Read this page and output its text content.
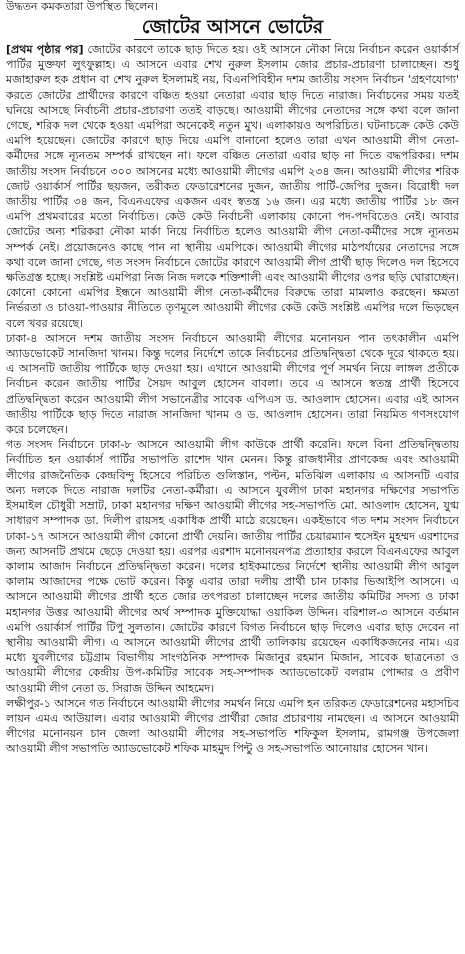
উদ্ধতন কমকতারা উপস্থিত ছিলেন।

জোটের আসনে ভোটের

[প্রথম পৃষ্ঠার পর] জোটের কারণে তাকে ছাড় দিতে হয়। ওই আসনে নৌকা নিয়ে নির্বাচন করেন ওয়ার্কার্স পার্টির মুক্তফা লুৎফুল্লাহ। এ আসনে এবার শেখ নুরুল ইসলাম জোর প্রচার-প্রচারণা চালাচ্ছেন। শুধু মজাহারুল হক প্রধান বা শেখ নুরুল ইসলামই নয়, বিএনপিবিহীন দশম জাতীয় সংসদ নির্বাচন 'গ্রহণযোগ্য' করতে জোটের প্রার্থীদের কারণে বঞ্চিত হওয়া নেতারা এবার ছাড় দিতে নারাজ। নির্বাচনের সময় যতই ঘনিয়ে আসছে নির্বাচনী প্রচার-প্রচারণা ততই বাড়ছে। আওয়ামী লীগের নেতাদের সঙ্গে কথা বলে জানা গেছে, শরিক দল থেকে হওয়া এমপিরা অনেকেই নতুন মুখ। এলাকায়ও অপরিচিত। ঘটনাচক্রে কেউ কেউ এমপি হয়েছেন। জোটের কারণে ছাড় দিয়ে এমপি বানানো হলেও তারা এখন আওয়ামী লীগ নেতা-কর্মীদের সঙ্গে ন্যূনতম সম্পর্ক রাখছেন না। ফলে বঞ্চিত নেতারা এবার ছাড় না দিতে বদ্ধপরিকর। দশম জাতীয় সংসদ নির্বাচনে ৩০০ আসনের মধ্যে আওয়ামী লীগের এমপি ২৩৪ জন। আওয়ামী লীগের শরিক জোট ওয়ার্কার্স পার্টির ছয়জন, তরীকত ফেডারেশনের দুজন, জাতীয় পার্টি-জেপির দুজন। বিরোধী দল জাতীয় পার্টির ৩৪ জন, বিএনএফের একজন এবং স্বতন্ত্র ১৬ জন। এর মধ্যে জাতীয় পার্টির ১৮ জন এমপি প্রথমবারের মতো নির্বাচিত। কেউ কেউ নির্বাচনী এলাকায় কোনো পদ-পদবিতেও নেই। আবার জোটের অন্য শরিকরা নৌকা মার্কা নিয়ে নির্বাচিত হলেও আওয়ামী লীগ নেতা-কর্মীদের সঙ্গে ন্যূনতম সম্পর্ক নেই। প্রয়োজনেও কাছে পান না স্থানীয় এমপিকে। আওয়ামী লীগের মাঠপর্যায়ের নেতাদের সঙ্গে কথা বলে জানা গেছে, গত সংসদ নির্বাচনে জোটের কারণে আওয়ামী লীগ প্রার্থী ছাড় দিলেও দল হিসেবে ক্ষতিগ্রস্ত হচ্ছে। সংশ্লিষ্ট এমপিরা নিজ নিজ দলকে শক্তিশালী এবং আওয়ামী লীগের ওপর ছড়ি ঘোরাচ্ছেন। কোনো কোনো এমপির ইন্ধনে আওয়ামী লীগ নেতা-কর্মীদের বিরুদ্ধে তারা মামলাও করছেন। ক্ষমতা নির্ভরতা ও চাওয়া-পাওয়ার নীতিতে তৃণমূলে আওয়ামী লীগের কেউ কেউ সংশ্লিষ্ট এমপির দলে ভিড়ছেন বলে খবর রয়েছে।

ঢাকা-৪ আসনে দশম জাতীয় সংসদ নির্বাচনে আওয়ামী লীগের মনোনয়ন পান তৎকালীন এমপি অ্যাডভোকেট সানজিদা খানম। কিন্তু দলের নির্দেশে তাকে নির্বাচনের প্রতিদ্বন্দ্বিতা থেকে দূরে থাকতে হয়। এ আসনটি জাতীয় পার্টিকে ছাড় দেওয়া হয়। এখানে আওয়ামী লীগের পূর্ণ সমর্থন নিয়ে লাঙ্গল প্রতীকে নির্বাচন করেন জাতীয় পার্টির সৈয়দ আবুল হোসেন বাবলা। তবে এ আসনে স্বতন্ত্র প্রার্থী হিসেবে প্রতিদ্বন্দ্বিতা করেন আওয়ামী লীগ সভানেত্রীর সাবেক এপিএস ড. আওলাদ হোসেন। এবার এই আসন জাতীয় পার্টিকে ছাড় দিতে নারাজ সানজিদা খানম ও ড. আওলাদ হোসেন। তারা নিয়মিত গণসংযোগ করে চলেছেন।

গত সংসদ নির্বাচনে ঢাকা-৮ আসনে আওয়ামী লীগ কাউকে প্রার্থী করেনি। ফলে বিনা প্রতিদ্বন্দ্বিতায় নির্বাচিত হন ওয়ার্কার্স পার্টির সভাপতি রাশেদ খান মেনন। কিন্তু রাজধানীর প্রাণকেন্দ্র এবং আওয়ামী লীগের রাজনৈতিক কেন্দ্রবিন্দু হিসেবে পরিচিত গুলিস্তান, পল্টন, মতিঝিল এলাকায় এ আসনটি এবার অন্য দলকে দিতে নারাজ দলটির নেতা-কর্মীরা। এ আসনে যুবলীগ ঢাকা মহানগর দক্ষিণের সভাপতি ইসমাইল চৌধুরী সম্রাট, ঢাকা মহানগর দক্ষিণ আওয়ামী লীগের সহ-সভাপতি মো. আওলাদ হোসেন, যুগ্ম সাধারণ সম্পাদক ডা. দিলীপ রায়সহ একাধিক প্রার্থী মাঠে রয়েছেন। একইভাবে গত দশম সংসদ নির্বাচনে ঢাকা-১৭ আসনে আওয়ামী লীগ কোনো প্রার্থী দেয়নি। জাতীয় পার্টির চেয়ারম্যান হুসেইন মুহম্মদ এরশাদের জন্য আসনটি প্রথমে ছেড়ে দেওয়া হয়। এরপর এরশাদ মনোনয়নপত্র প্রত্যাহার করলে বিএনএফের আবুল কালাম আজাদ নির্বাচনে প্রতিদ্বন্দ্বিতা করেন। দলের হাইকমান্ডের নির্দেশে স্থানীয় আওয়ামী লীগ আবুল কালাম আজাদের পক্ষে ভোট করেন। কিন্তু এবার তারা দলীয় প্রার্থী চান ঢাকার ভিআইপি আসনে। এ আসনে আওয়ামী লীগের প্রার্থী হতে জোর তৎপরতা চালাচ্ছেন দলের জাতীয় কমিটির সদস্য ও ঢাকা মহানগর উত্তর আওয়ামী লীগের অর্থ সম্পাদক মুক্তিযোদ্ধা ওয়াকিল উদ্দিন। বরিশাল-৩ আসনে বর্তমান এমপি ওয়ার্কার্স পার্টির টিপু সুলতান। জোটের কারণে বিগত নির্বাচনে ছাড় দিলেও এবার ছাড় দেবেন না স্থানীয় আওয়ামী লীগ। এ আসনে আওয়ামী লীগের প্রার্থী তালিকায় রয়েছেন একাধিকজনের নাম। এর মধ্যে যুবলীগের চট্টগ্রাম বিভাগীয় সাংগঠনিক সম্পাদক মিজানুর রহমান মিজান, সাবেক ছাত্রনেতা ও আওয়ামী লীগের কেন্দ্রীয় উপ-কমিটির সাবেক সহ-সম্পাদক অ্যাডভোকেট বলরাম পোদ্দার ও প্রবীণ আওয়ামী লীগ নেতা ড. সিরাজ উদ্দিন আহমেদ।

লক্ষীপুর-১ আসনে গত নির্বাচনে আওয়ামী লীগের সমর্থন নিয়ে এমপি হন তরিকত ফেডারেশনের মহাসচিব লায়ন এমএ আউয়াল। এবার আওয়ামী লীগের প্রার্থীরা জোর প্রচারণায় নামছেন। এ আসনে আওয়ামী লীগের মনোনয়ন চান জেলা আওয়ামী লীগের সহ-সভাপতি শফিকুল ইসলাম, রামগঞ্জ উপজেলা আওয়ামী লীগ সভাপতি অ্যাডভোকেট শফিক মাহমুদ পিন্টু ও সহ-সভাপতি আনোয়ার হোসেন খান।
